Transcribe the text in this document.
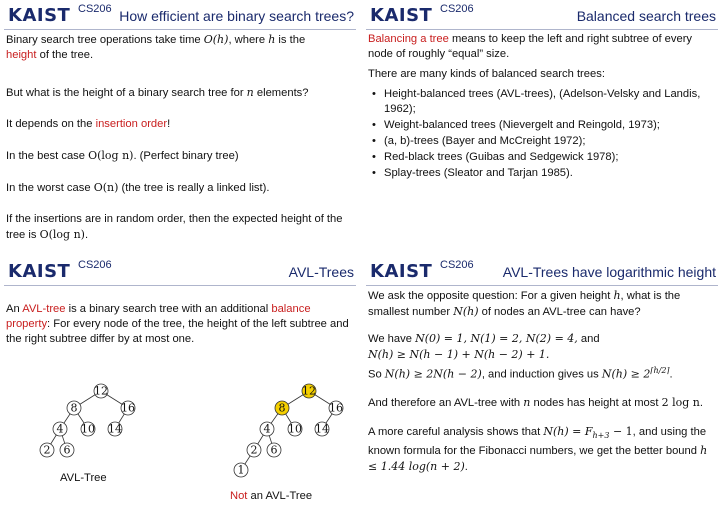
KAIST CS206 How efficient are binary search trees?

Binary search tree operations take time O(h), where h is the
height of the tree.

But what is the height of a binary search tree for n elements?

It depends on the insertion order!

In the best case O(log n). (Perfect binary tree)

In the worst case O(n) (the tree is really a linked list).

If the insertions are in random order, then the expected height of the tree is O(log n).

KAIST CS206	Balanced search trees

Balancing a tree means to keep the left and right subtree of every node of roughly “equal” size.

There are many kinds of balanced search trees:

• Height-balanced trees (AVL-trees), (Adelson-Velsky and Landis, 1962);
• Weight-balanced trees (Nievergelt and Reingold, 1973);
• (a, b)-trees (Bayer and McCreight 1972);
• Red-black trees (Guibas and Sedgewick 1978);
• Splay-trees (Sleator and Tarjan 1985).
KAIST CS206	AVL-Trees

An AVL-tree is a binary search tree with an additional balance property: For every node of the tree, the height of the left subtree and the right subtree differ by at most one.

12
8	16
4 10 14
2 6
AVL-Tree
12
8	16
4 10 14
2 6
1
Not an AVL-Tree
KAIST CS206 AVL-Trees have logarithmic height

We ask the opposite question: For a given height h, what is the smallest number N(h) of nodes an AVL-tree can have?

We have N(0) = 1, N(1) = 2, N(2) = 4, and
N(h) ≥ N(h − 1) + N(h − 2) + 1.
So N(h) ≥ 2N(h − 2), and induction gives us $N(h) \ge 2^{⌈h/2⌉}$.

And therefore an AVL-tree with n nodes has height at most 2 log n.

A more careful analysis shows that $N(h) = F_{h+3} - 1$, and using the known formula for the Fibonacci numbers, we get the better bound h ≤ 1.44 log(n + 2).
